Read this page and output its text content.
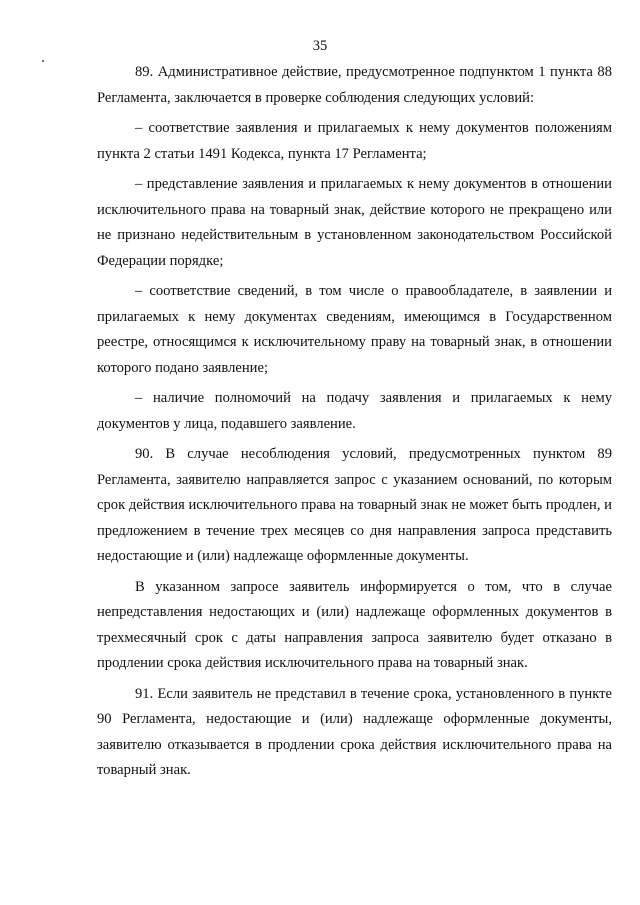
35

89. Административное действие, предусмотренное подпунктом 1 пункта 88 Регламента, заключается в проверке соблюдения следующих условий:

– соответствие заявления и прилагаемых к нему документов положениям пункта 2 статьи 1491 Кодекса, пункта 17 Регламента;

– представление заявления и прилагаемых к нему документов в отношении исключительного права на товарный знак, действие которого не прекращено или не признано недействительным в установленном законодательством Российской Федерации порядке;

– соответствие сведений, в том числе о правообладателе, в заявлении и прилагаемых к нему документах сведениям, имеющимся в Государственном реестре, относящимся к исключительному праву на товарный знак, в отношении которого подано заявление;

– наличие полномочий на подачу заявления и прилагаемых к нему документов у лица, подавшего заявление.

90. В случае несоблюдения условий, предусмотренных пунктом 89 Регламента, заявителю направляется запрос с указанием оснований, по которым срок действия исключительного права на товарный знак не может быть продлен, и предложением в течение трех месяцев со дня направления запроса представить недостающие и (или) надлежаще оформленные документы.

В указанном запросе заявитель информируется о том, что в случае непредставления недостающих и (или) надлежаще оформленных документов в трехмесячный срок с даты направления запроса заявителю будет отказано в продлении срока действия исключительного права на товарный знак.

91. Если заявитель не представил в течение срока, установленного в пункте 90 Регламента, недостающие и (или) надлежаще оформленные документы, заявителю отказывается в продлении срока действия исключительного права на товарный знак.
